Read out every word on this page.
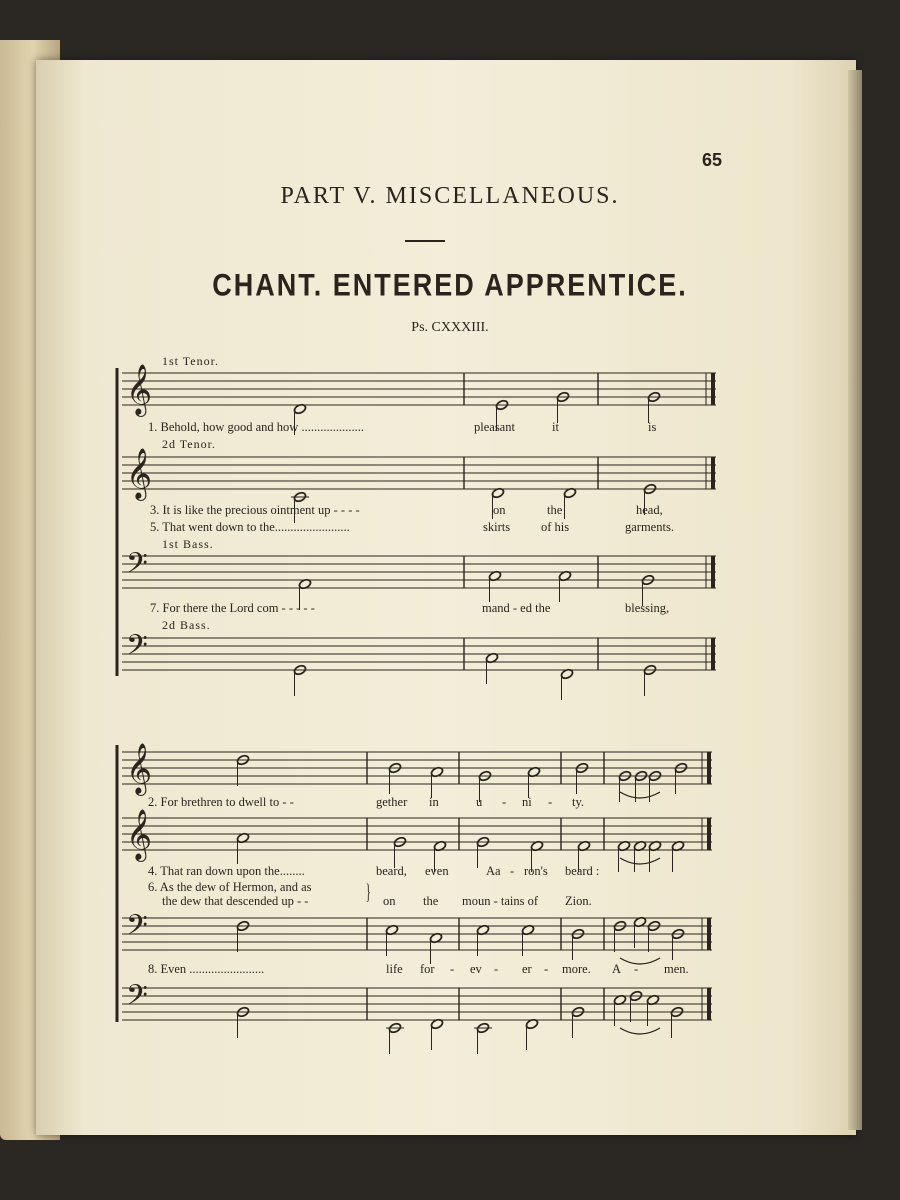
65
PART V. MISCELLANEOUS.
CHANT. ENTERED APPRENTICE.
Ps. CXXXIII.
𝄞
𝄞
𝄢
𝄢
𝄞
𝄞
𝄢
𝄢
1st Tenor.
1. Behold, how good and how ....................	pleasant	it	is
2d Tenor.
3. It is like the precious ointment up - - - -	on	the	head,
5. That went down to the........................	skirts of his	garments.
1st Bass.
7. For there the Lord com - - - - -	mand - ed the	blessing,
2d Bass.
2. For brethren to dwell to - -	gether in	u - ni - ty.
4. That ran down upon the........	beard, even	Aa - ron's beard :
6. As the dew of Hermon, and as
the dew that descended up - -	} on the moun - tains of Zion.
8. Even ........................	life for - ev - er - more. A - men.
